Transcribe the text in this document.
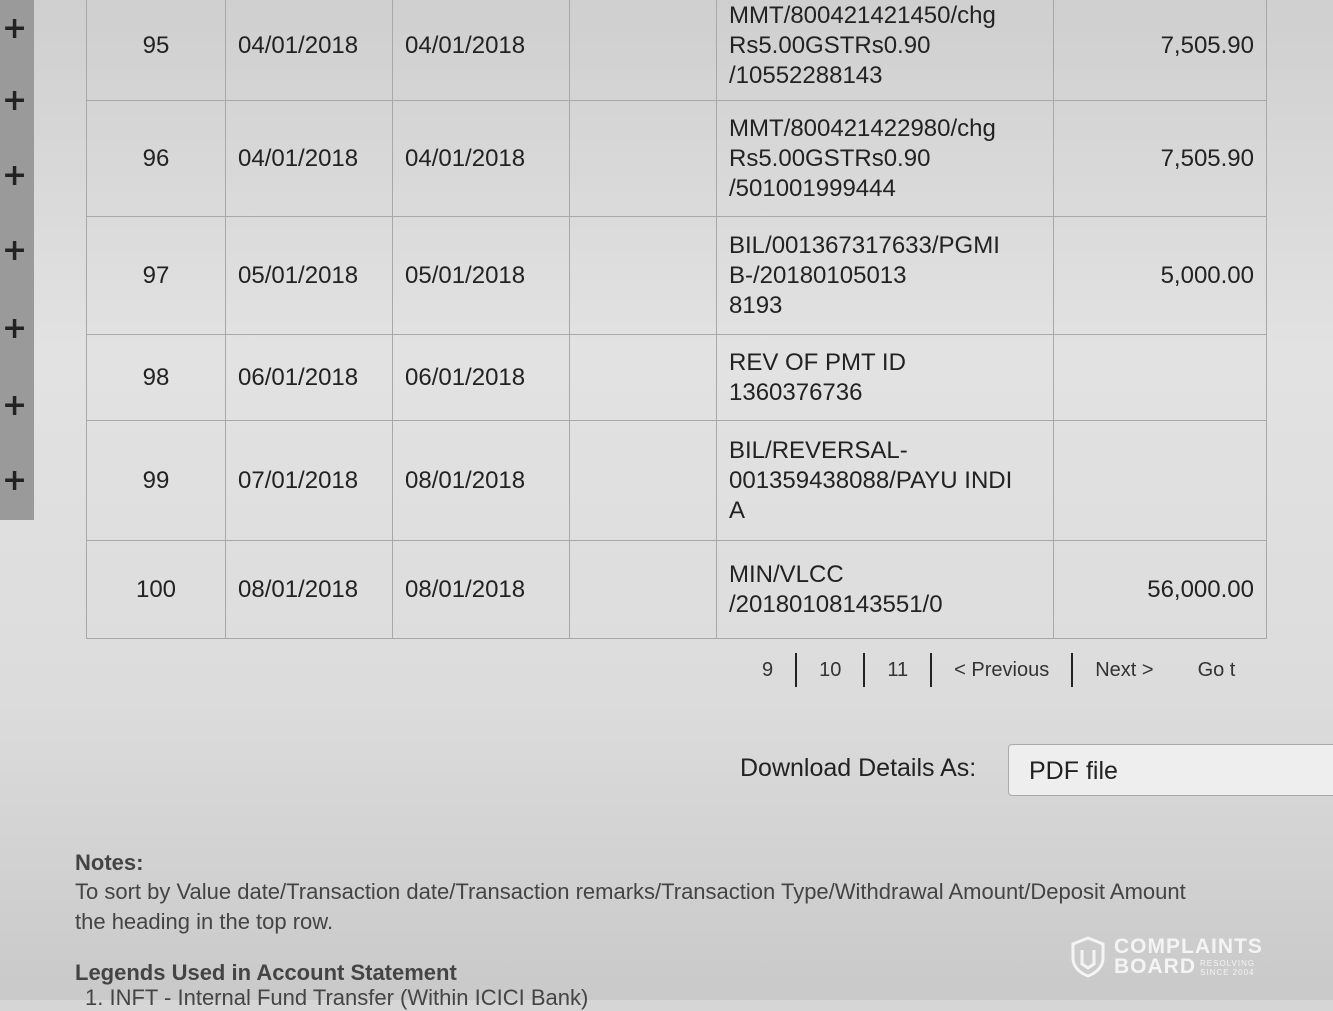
+
+
+
+
+
+
+
95	04/01/2018	04/01/2018		MMT/800421421450/chg
Rs5.00GSTRs0.90
/10552288143	7,505.90
96	04/01/2018	04/01/2018		MMT/800421422980/chg
Rs5.00GSTRs0.90
/501001999444	7,505.90
97	05/01/2018	05/01/2018		BIL/001367317633/PGMI
B-/20180105013
8193	5,000.00
98	06/01/2018	06/01/2018		REV OF PMT ID
1360376736	

99	07/01/2018	08/01/2018		BIL/REVERSAL-
001359438088/PAYU INDI
A	

100	08/01/2018	08/01/2018		MIN/VLCC
/20180108143551/0	56,000.00
9	10	11	< Previous	Next >	Go t
Download Details As:	PDF file
Notes:
To sort by Value date/Transaction date/Transaction remarks/Transaction Type/Withdrawal Amount/Deposit Amount
the heading in the top row.
Legends Used in Account Statement
1. INFT - Internal Fund Transfer (Within ICICI Bank)
COMPLAINTS
BOARD RESOLVING
SINCE 2004
